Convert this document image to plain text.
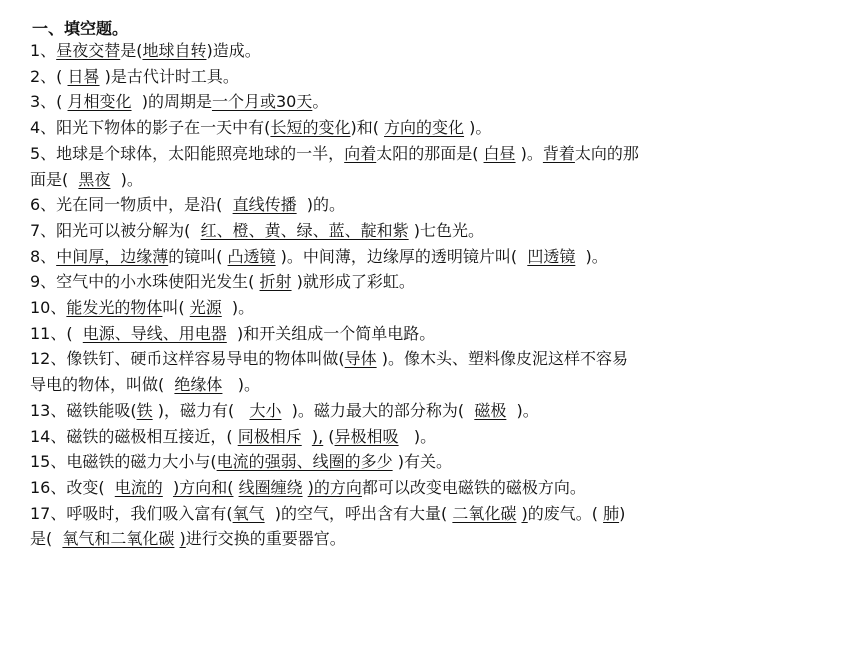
一、填空题。
1、昼夜交替是(地球自转)造成。
2、( 日晷 )是古代计时工具。
3、( 月相变化  )的周期是一个月或30天。
4、阳光下物体的影子在一天中有(长短的变化)和( 方向的变化 )。
5、地球是个球体，太阳能照亮地球的一半，向着太阳的那面是( 白昼 )。背着太向的那
面是(  黑夜  )。
6、光在同一物质中，是沿(  直线传播  )的。
7、阳光可以被分解为(  红、橙、黄、绿、蓝、靛和紫 )七色光。
8、中间厚，边缘薄的镜叫( 凸透镜 )。中间薄，边缘厚的透明镜片叫(  凹透镜  )。
9、空气中的小水珠使阳光发生( 折射 )就形成了彩虹。
10、能发光的物体叫( 光源  )。
11、(  电源、导线、用电器  )和开关组成一个简单电路。
12、像铁钉、硬币这样容易导电的物体叫做(导体 )。像木头、塑料像皮泥这样不容易
导电的物体，叫做(  绝缘体   )。
13、磁铁能吸(铁 )，磁力有(   大小  )。磁力最大的部分称为(  磁极  )。
14、磁铁的磁极相互接近，( 同极相斥 ), (异极相吸   )。
15、电磁铁的磁力大小与(电流的强弱、线圈的多少 )有关。
16、改变(  电流的 )方向和( 线圈缠绕 )的方向都可以改变电磁铁的磁极方向。
17、呼吸时，我们吸入富有(氧气  )的空气，呼出含有大量( 二氧化碳 )的废气。( 肺)
是(  氧气和二氧化碳 )进行交换的重要器官。
